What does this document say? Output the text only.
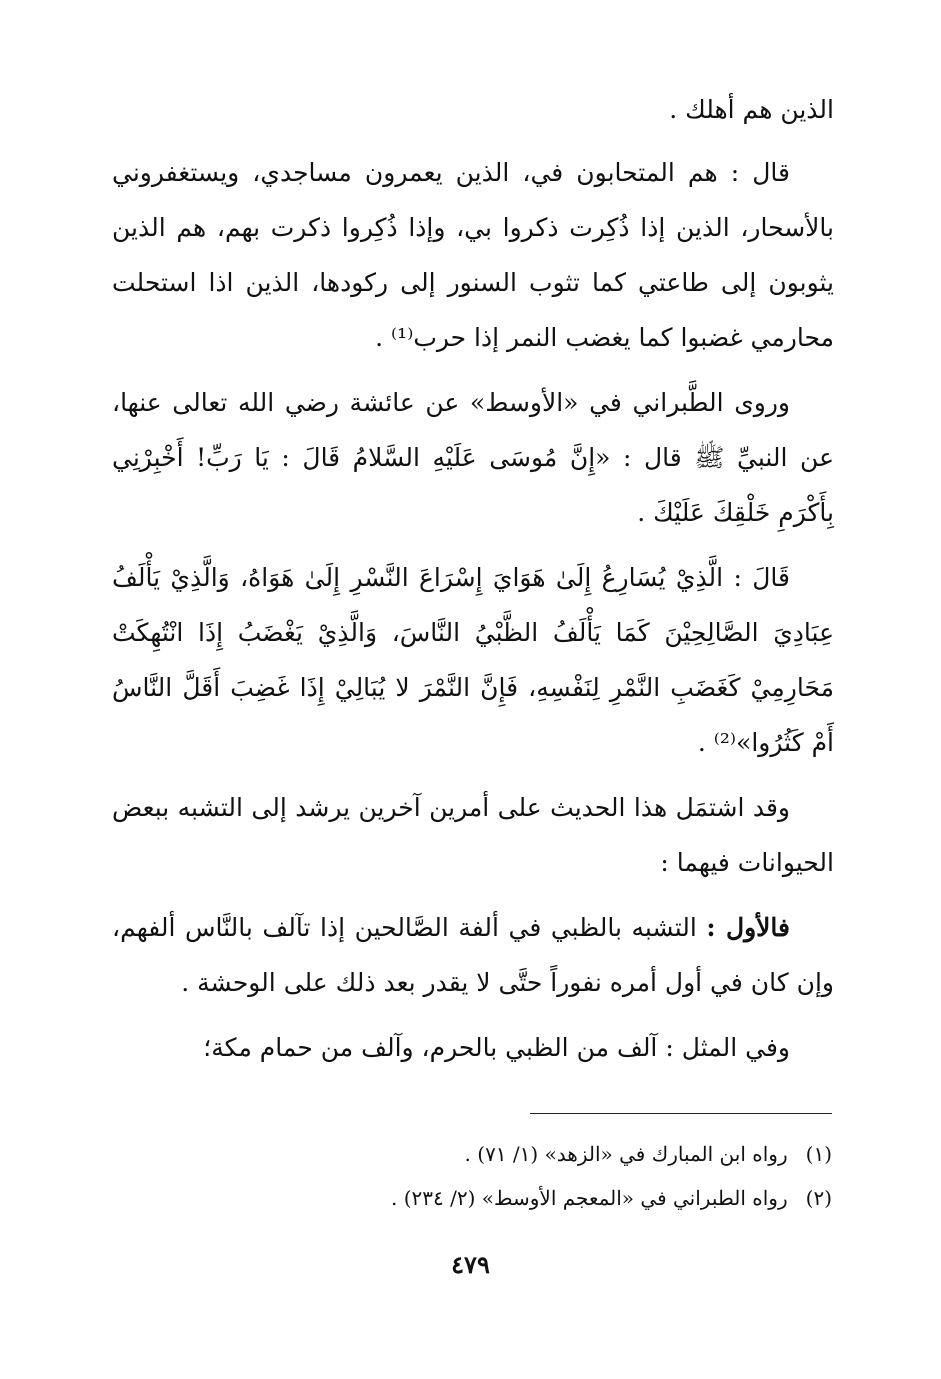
الذين هم أهلك .

قال : هم المتحابون في، الذين يعمرون مساجدي، ويستغفروني بالأسحار، الذين إذا ذُكِرت ذكروا بي، وإذا ذُكِروا ذكرت بهم، هم الذين يثوبون إلى طاعتي كما تثوب السنور إلى ركودها، الذين اذا استحلت محارمي غضبوا كما يغضب النمر إذا حرب⁽¹⁾ .

وروى الطَّبراني في «الأوسط» عن عائشة رضي الله تعالى عنها، عن النبيِّ ﷺ قال : «إِنَّ مُوسَى عَلَيْهِ السَّلامُ قَالَ : يَا رَبِّ! أَخْبِرْنِي بِأَكْرَمِ خَلْقِكَ عَلَيْكَ .

قَالَ : الَّذِيْ يُسَارِعُ إِلَىٰ هَوَايَ إِسْرَاعَ النَّسْرِ إِلَىٰ هَوَاهُ، وَالَّذِيْ يَأْلَفُ عِبَادِيَ الصَّالِحِيْنَ كَمَا يَأْلَفُ الظَّبْيُ النَّاسَ، وَالَّذِيْ يَغْضَبُ إِذَا انْتُهِكَتْ مَحَارِمِيْ كَغَضَبِ النَّمْرِ لِنَفْسِهِ، فَإِنَّ النَّمْرَ لا يُبَالِيْ إِذَا غَضِبَ أَقَلَّ النَّاسُ أَمْ كَثُرُوا»⁽²⁾ .

وقد اشتمَل هذا الحديث على أمرين آخرين يرشد إلى التشبه ببعض الحيوانات فيهما :

فالأول : التشبه بالظبي في ألفة الصَّالحين إذا تآلف بالنَّاس ألفهم، وإن كان في أول أمره نفوراً حتَّى لا يقدر بعد ذلك على الوحشة .

وفي المثل : آلف من الظبي بالحرم، وآلف من حمام مكة؛

(١)رواه ابن المبارك في «الزهد» (١/ ٧١) .
(٢)رواه الطبراني في «المعجم الأوسط» (٢/ ٢٣٤) .
٤٧٩
